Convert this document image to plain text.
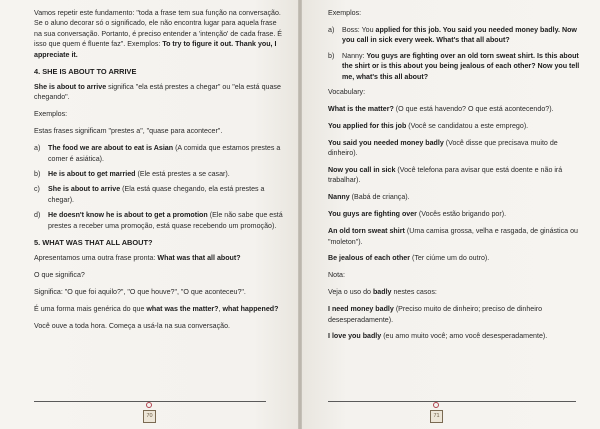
Vamos repetir este fundamento: "toda a frase tem sua função na conversação. Se o aluno decorar só o significado, ele não encontra lugar para aquela frase na sua conversação. Portanto, é preciso entender a 'intenção' de cada frase. É isso que quem é fluente faz". Exemplos: To try to figure it out. Thank you, I appreciate it.

4. SHE IS ABOUT TO ARRIVE

She is about to arrive significa "ela está prestes a chegar" ou "ela está quase chegando".

Exemplos:

Estas frases significam "prestes a", "quase para acontecer".

a) The food we are about to eat is Asian (A comida que estamos prestes a comer é asiática).
b) He is about to get married (Ele está prestes a se casar).
c) She is about to arrive (Ela está quase chegando, ela está prestes a chegar).
d) He doesn't know he is about to get a promotion (Ele não sabe que está prestes a receber uma promoção, está quase recebendo um promoção).
5. WHAT WAS THAT ALL ABOUT?

Apresentamos uma outra frase pronta: What was that all about?

O que significa?

Significa: "O que foi aquilo?", "O que houve?", "O que aconteceu?".

É uma forma mais genérica do que what was the matter?, what happened?

Você ouve a toda hora. Começa a usá-la na sua conversação.

70

Exemplos:

a) Boss: You applied for this job. You said you needed money badly. Now you call in sick every week. What's that all about?
b) Nanny: You guys are fighting over an old torn sweat shirt. Is this about the shirt or is this about you being jealous of each other? Now you tell me, what's this all about?

Vocabulary:

What is the matter? (O que está havendo? O que está acontecendo?).

You applied for this job (Você se candidatou a este emprego).

You said you needed money badly (Você disse que precisava muito de dinheiro).

Now you call in sick (Você telefona para avisar que está doente e não irá trabalhar).

Nanny (Babá de criança).

You guys are fighting over (Vocês estão brigando por).

An old torn sweat shirt (Uma camisa grossa, velha e rasgada, de ginástica ou "moleton").

Be jealous of each other (Ter ciúme um do outro).

Nota:

Veja o uso do badly nestes casos:

I need money badly (Preciso muito de dinheiro; preciso de dinheiro desesperadamente).

I love you badly (eu amo muito você; amo você desesperadamente).

71
